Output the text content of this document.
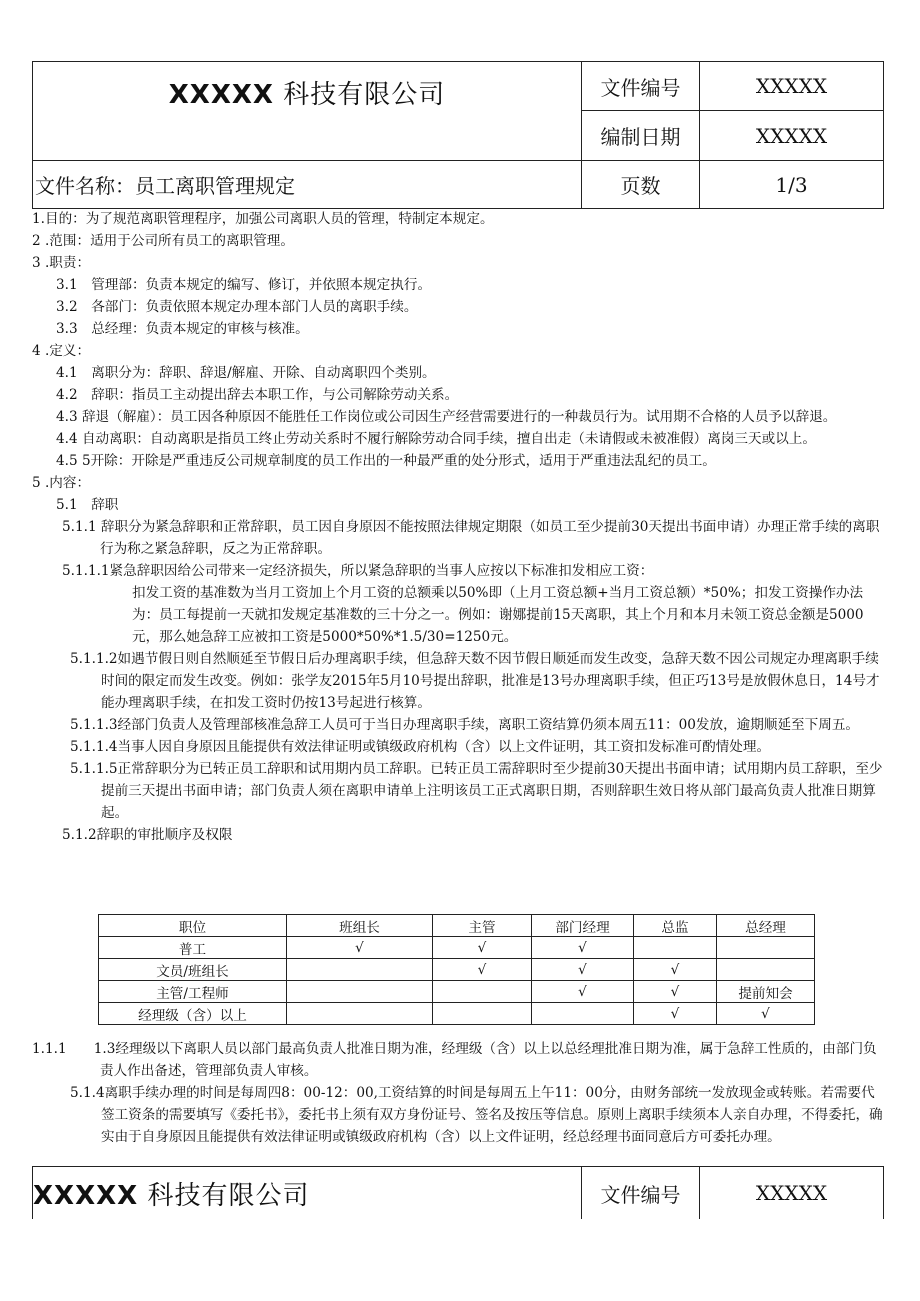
XXXXX 科技有限公司	文件编号	XXXXX
	编制日期	XXXXX
文件名称：员工离职管理规定	页数	1/3

1.目的：为了规范离职管理程序，加强公司离职人员的管理，特制定本规定。

2 .范围：适用于公司所有员工的离职管理。

3 .职责：

3.1　管理部：负责本规定的编写、修订，并依照本规定执行。

3.2　各部门：负责依照本规定办理本部门人员的离职手续。

3.3　总经理：负责本规定的审核与核准。

4 .定义：

4.1　离职分为：辞职、辞退/解雇、开除、自动离职四个类别。

4.2　辞职：指员工主动提出辞去本职工作，与公司解除劳动关系。

4.3 辞退（解雇）：员工因各种原因不能胜任工作岗位或公司因生产经营需要进行的一种裁员行为。试用期不合格的人员予以辞退。

4.4 自动离职：自动离职是指员工终止劳动关系时不履行解除劳动合同手续，擅自出走（未请假或未被准假）离岗三天或以上。

4.5 5开除：开除是严重违反公司规章制度的员工作出的一种最严重的处分形式，适用于严重违法乱纪的员工。

5 .内容：

5.1　辞职

5.1.1 辞职分为紧急辞职和正常辞职，员工因自身原因不能按照法律规定期限（如员工至少提前30天提出书面申请）办理正常手续的离职行为称之紧急辞职，反之为正常辞职。

5.1.1.1紧急辞职因给公司带来一定经济损失，所以紧急辞职的当事人应按以下标准扣发相应工资：

扣发工资的基准数为当月工资加上个月工资的总额乘以50%即（上月工资总额+当月工资总额）*50%；扣发工资操作办法为：员工每提前一天就扣发规定基准数的三十分之一。例如：谢娜提前15天离职，其上个月和本月未领工资总金额是5000元，那么她急辞工应被扣工资是5000*50%*1.5/30=1250元。

5.1.1.2如遇节假日则自然顺延至节假日后办理离职手续，但急辞天数不因节假日顺延而发生改变，急辞天数不因公司规定办理离职手续时间的限定而发生改变。例如：张学友2015年5月10号提出辞职，批准是13号办理离职手续，但正巧13号是放假休息日，14号才能办理离职手续，在扣发工资时仍按13号起进行核算。

5.1.1.3经部门负责人及管理部核准急辞工人员可于当日办理离职手续，离职工资结算仍须本周五11：00发放，逾期顺延至下周五。

5.1.1.4当事人因自身原因且能提供有效法律证明或镇级政府机构（含）以上文件证明，其工资扣发标准可酌情处理。

5.1.1.5正常辞职分为已转正员工辞职和试用期内员工辞职。已转正员工需辞职时至少提前30天提出书面申请；试用期内员工辞职，至少提前三天提出书面申请；部门负责人须在离职申请单上注明该员工正式离职日期，否则辞职生效日将从部门最高负责人批准日期算起。

5.1.2辞职的审批顺序及权限

职位	班组长	主管	部门经理	总监	总经理
普工	√	√	√		
文员/班组长		√	√	√	
主管/工程师			√	√	提前知会
经理级（含）以上				√	√

1.1.1　　1.3经理级以下离职人员以部门最高负责人批准日期为准，经理级（含）以上以总经理批准日期为准，属于急辞工性质的，由部门负责人作出备述，管理部负责人审核。

5.1.4离职手续办理的时间是每周四8：00-12：00,工资结算的时间是每周五上午11：00分，由财务部统一发放现金或转账。若需要代签工资条的需要填写《委托书》，委托书上须有双方身份证号、签名及按压等信息。原则上离职手续须本人亲自办理，不得委托，确实由于自身原因且能提供有效法律证明或镇级政府机构（含）以上文件证明，经总经理书面同意后方可委托办理。

XXXXX 科技有限公司	文件编号	XXXXX
